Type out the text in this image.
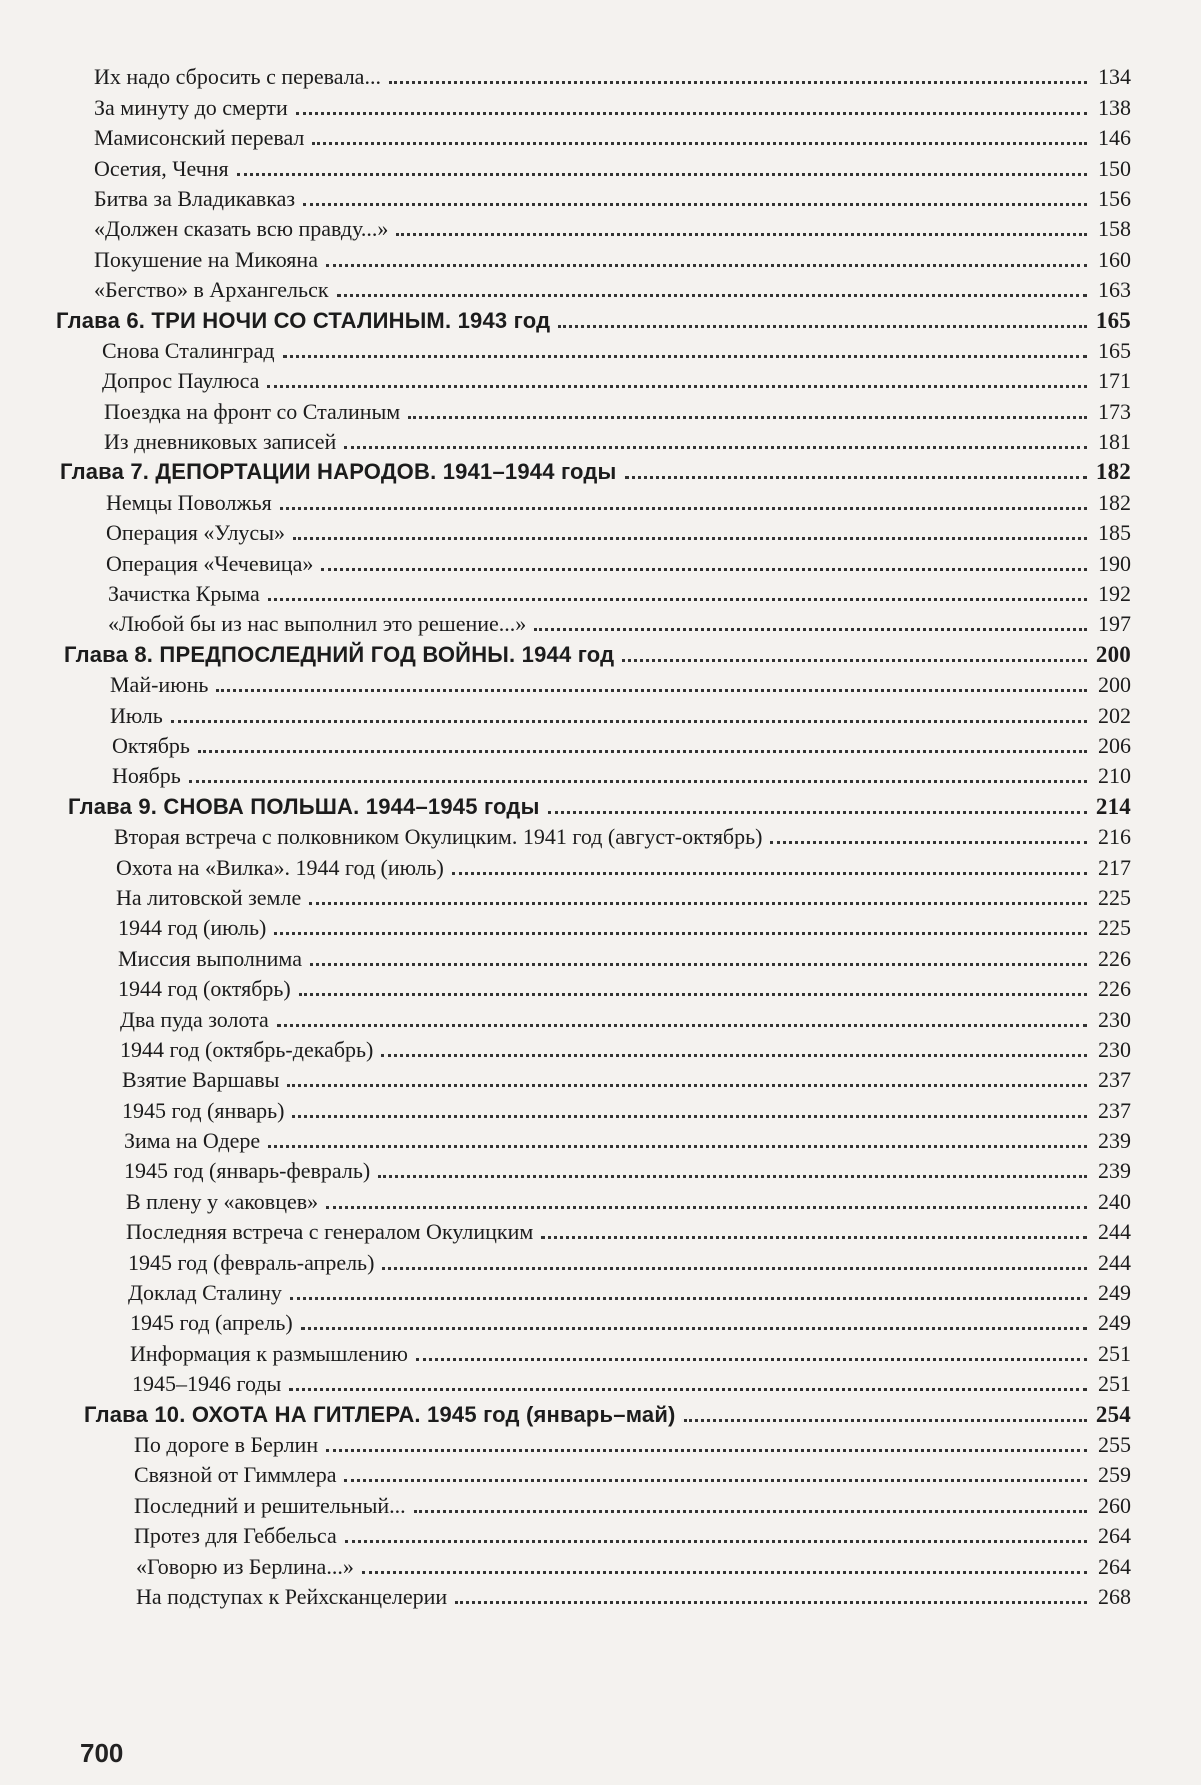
Их надо сбросить с перевала...	134
За минуту до смерти	138
Мамисонский перевал	146
Осетия, Чечня	150
Битва за Владикавказ	156
«Должен сказать всю правду...»	158
Покушение на Микояна	160
«Бегство» в Архангельск	163
Глава 6. ТРИ НОЧИ СО СТАЛИНЫМ. 1943 год	165
Снова Сталинград	165
Допрос Паулюса	171
Поездка на фронт со Сталиным	173
Из дневниковых записей	181
Глава 7. ДЕПОРТАЦИИ НАРОДОВ. 1941–1944 годы	182
Немцы Поволжья	182
Операция «Улусы»	185
Операция «Чечевица»	190
Зачистка Крыма	192
«Любой бы из нас выполнил это решение...»	197
Глава 8. ПРЕДПОСЛЕДНИЙ ГОД ВОЙНЫ. 1944 год	200
Май-июнь	200
Июль	202
Октябрь	206
Ноябрь	210
Глава 9. СНОВА ПОЛЬША. 1944–1945 годы	214
Вторая встреча с полковником Окулицким. 1941 год (август-октябрь)	216
Охота на «Вилка». 1944 год (июль)	217
На литовской земле	225
1944 год (июль)	225
Миссия выполнима	226
1944 год (октябрь)	226
Два пуда золота	230
1944 год (октябрь-декабрь)	230
Взятие Варшавы	237
1945 год (январь)	237
Зима на Одере	239
1945 год (январь-февраль)	239
В плену у «аковцев»	240
Последняя встреча с генералом Окулицким	244
1945 год (февраль-апрель)	244
Доклад Сталину	249
1945 год (апрель)	249
Информация к размышлению	251
1945–1946 годы	251
Глава 10. ОХОТА НА ГИТЛЕРА. 1945 год (январь–май)	254
По дороге в Берлин	255
Связной от Гиммлера	259
Последний и решительный...	260
Протез для Геббельса	264
«Говорю из Берлина...»	264
На подступах к Рейхсканцелерии	268
700
